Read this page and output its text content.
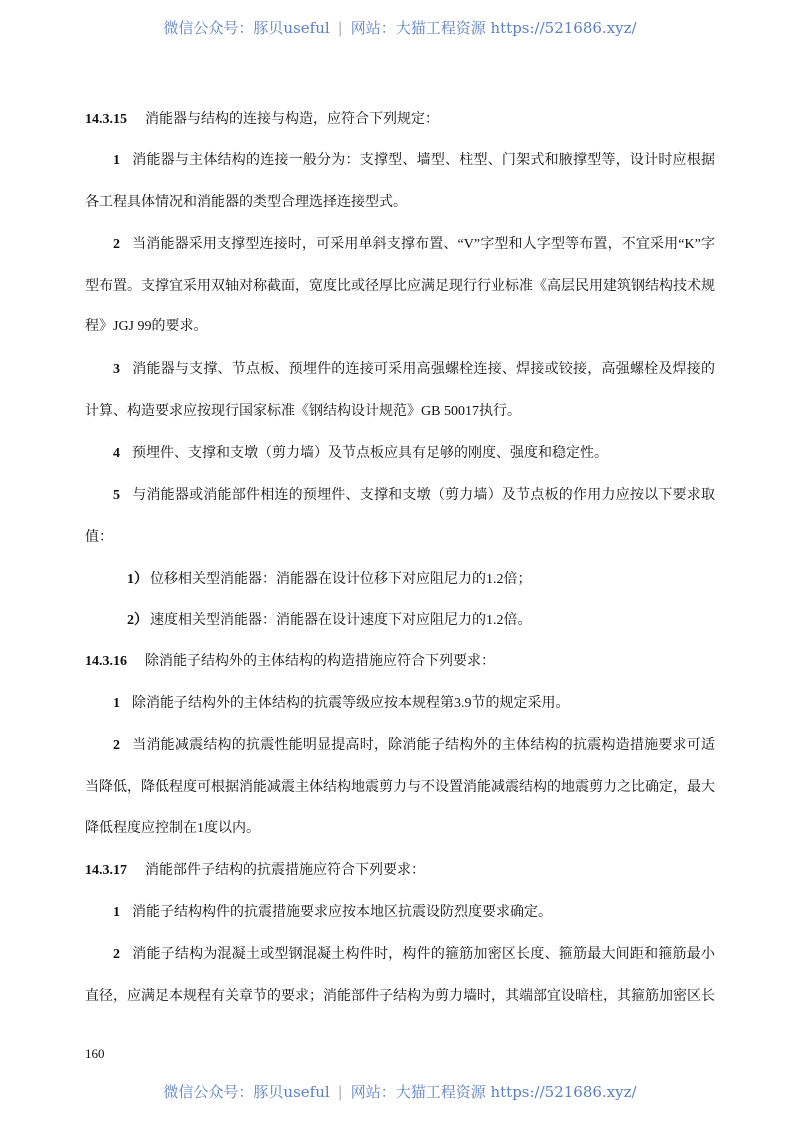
微信公众号：豚贝useful | 网站：大猫工程资源 https://521686.xyz/
14.3.15 消能器与结构的连接与构造，应符合下列规定：
1 消能器与主体结构的连接一般分为：支撑型、墙型、柱型、门架式和腋撑型等，设计时应根据
各工程具体情况和消能器的类型合理选择连接型式。
2 当消能器采用支撑型连接时，可采用单斜支撑布置、“V”字型和人字型等布置，不宜采用“K”字
型布置。支撑宜采用双轴对称截面，宽度比或径厚比应满足现行行业标准《高层民用建筑钢结构技术规
程》JGJ 99的要求。
3 消能器与支撑、节点板、预埋件的连接可采用高强螺栓连接、焊接或铰接，高强螺栓及焊接的
计算、构造要求应按现行国家标准《钢结构设计规范》GB 50017执行。
4 预埋件、支撑和支墩（剪力墙）及节点板应具有足够的刚度、强度和稳定性。
5 与消能器或消能部件相连的预埋件、支撑和支墩（剪力墙）及节点板的作用力应按以下要求取
值：
1） 位移相关型消能器：消能器在设计位移下对应阻尼力的1.2倍；
2） 速度相关型消能器：消能器在设计速度下对应阻尼力的1.2倍。
14.3.16 除消能子结构外的主体结构的构造措施应符合下列要求：
1 除消能子结构外的主体结构的抗震等级应按本规程第3.9节的规定采用。
2 当消能减震结构的抗震性能明显提高时，除消能子结构外的主体结构的抗震构造措施要求可适
当降低，降低程度可根据消能减震主体结构地震剪力与不设置消能减震结构的地震剪力之比确定，最大
降低程度应控制在1度以内。
14.3.17 消能部件子结构的抗震措施应符合下列要求：
1 消能子结构构件的抗震措施要求应按本地区抗震设防烈度要求确定。
2 消能子结构为混凝土或型钢混凝土构件时，构件的箍筋加密区长度、箍筋最大间距和箍筋最小
直径，应满足本规程有关章节的要求；消能部件子结构为剪力墙时，其端部宜设暗柱，其箍筋加密区长
160
微信公众号：豚贝useful | 网站：大猫工程资源 https://521686.xyz/
